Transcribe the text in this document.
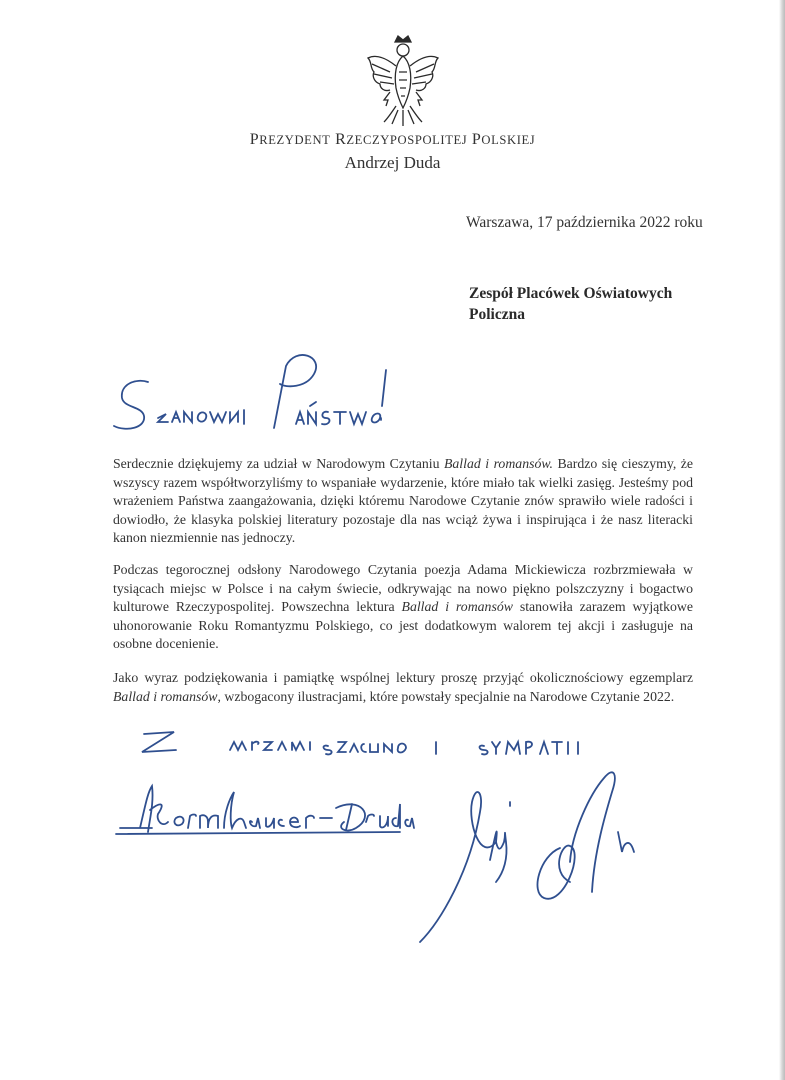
PREZYDENT RZECZYPOSPOLITEJ POLSKIEJ
Andrzej Duda
Warszawa, 17 października 2022 roku
Zespół Placówek Oświatowych
Policzna
Serdecznie dziękujemy za udział w Narodowym Czytaniu Ballad i romansów. Bardzo się cieszymy, że wszyscy razem współtworzyliśmy to wspaniałe wydarzenie, które miało tak wielki zasięg. Jesteśmy pod wrażeniem Państwa zaangażowania, dzięki któremu Narodowe Czytanie znów sprawiło wiele radości i dowiodło, że klasyka polskiej literatury pozostaje dla nas wciąż żywa i inspirująca i że nasz literacki kanon niezmiennie nas jednoczy.
Podczas tegorocznej odsłony Narodowego Czytania poezja Adama Mickiewicza rozbrzmiewała w tysiącach miejsc w Polsce i na całym świecie, odkrywając na nowo piękno polszczyzny i bogactwo kulturowe Rzeczypospolitej. Powszechna lektura Ballad i romansów stanowiła zarazem wyjątkowe uhonorowanie Roku Romantyzmu Polskiego, co jest dodatkowym walorem tej akcji i zasługuje na osobne docenienie.
Jako wyraz podziękowania i pamiątkę wspólnej lektury proszę przyjąć okolicznościowy egzemplarz Ballad i romansów, wzbogacony ilustracjami, które powstały specjalnie na Narodowe Czytanie 2022.
